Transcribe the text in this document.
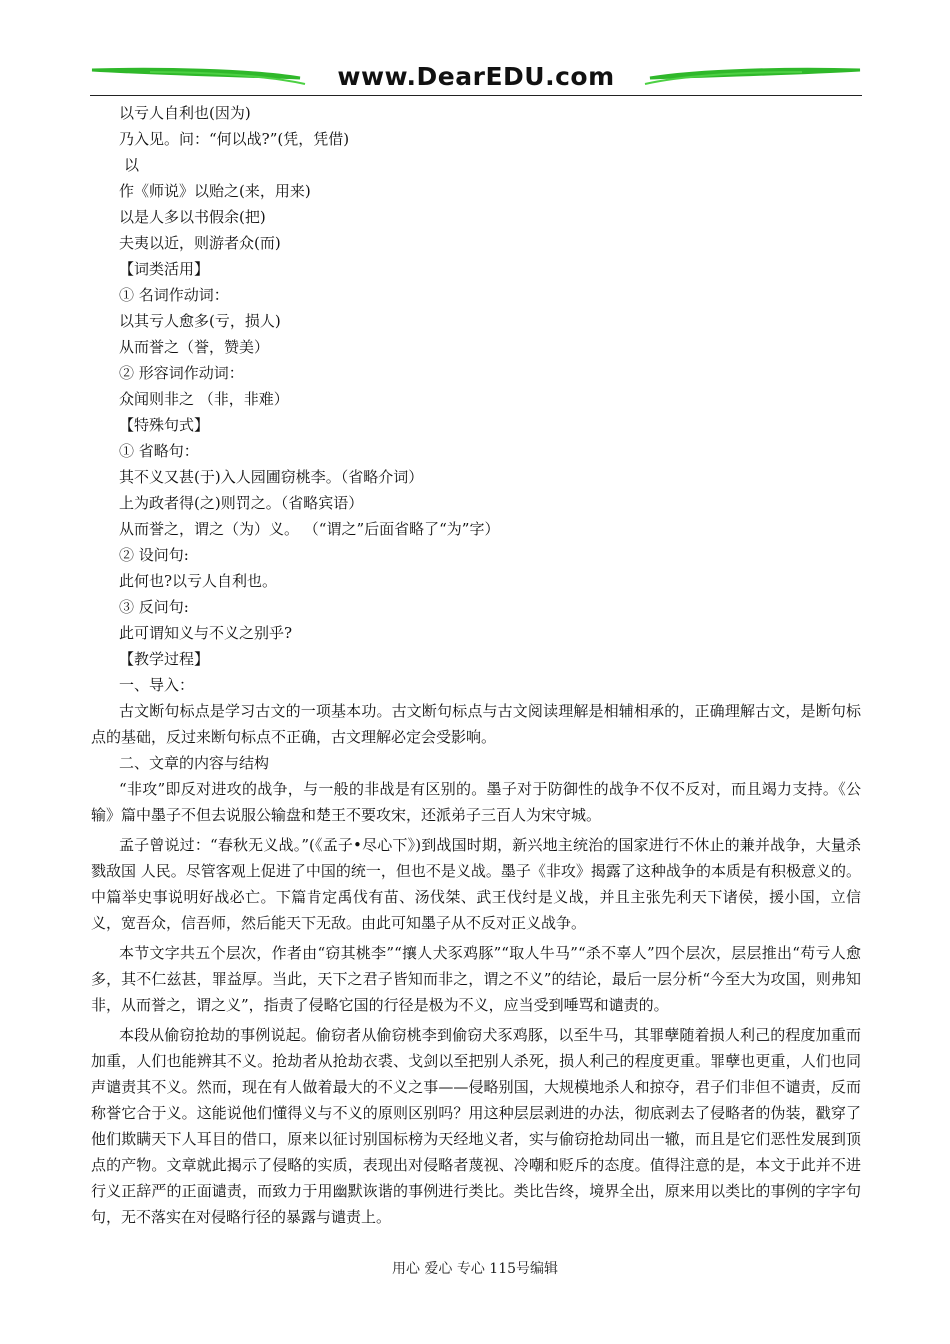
www.DearEDU.com
以亏人自利也(因为)
乃入见。问：“何以战?”(凭，凭借)
以
作《师说》以贻之(来，用来)
以是人多以书假余(把)
夫夷以近，则游者众(而)
【词类活用】
① 名词作动词：
以其亏人愈多(亏，损人)
从而誉之（誉，赞美）
② 形容词作动词：
众闻则非之 （非，非难）
【特殊句式】
① 省略句：
其不义又甚(于)入人园圃窃桃李。（省略介词）
上为政者得(之)则罚之。（省略宾语）
从而誉之，谓之（为）义。 （“谓之”后面省略了“为”字）
② 设问句:
此何也?以亏人自利也。
③ 反问句:
此可谓知义与不义之别乎?
【教学过程】
一、导入：

古文断句标点是学习古文的一项基本功。古文断句标点与古文阅读理解是相辅相承的，正确理解古文，是断句标点的基础，反过来断句标点不正确，古文理解必定会受影响。

二、文章的内容与结构

“非攻”即反对进攻的战争，与一般的非战是有区别的。墨子对于防御性的战争不仅不反对，而且竭力支持。《公输》篇中墨子不但去说服公输盘和楚王不要攻宋，还派弟子三百人为宋守城。

孟子曾说过：“春秋无义战。”(《孟子•尽心下》)到战国时期，新兴地主统治的国家进行不休止的兼并战争，大量杀戮敌国 人民。尽管客观上促进了中国的统一，但也不是义战。墨子《非攻》揭露了这种战争的本质是有积极意义的。中篇举史事说明好战必亡。下篇肯定禹伐有苗、汤伐桀、武王伐纣是义战，并且主张先利天下诸侯，援小国，立信义，宽吾众，信吾师，然后能天下无敌。由此可知墨子从不反对正义战争。

本节文字共五个层次，作者由“窃其桃李”“攘人犬豕鸡豚”“取人牛马”“杀不辜人”四个层次，层层推出“苟亏人愈多，其不仁兹甚，罪益厚。当此，天下之君子皆知而非之，谓之不义”的结论，最后一层分析“今至大为攻国，则弗知非，从而誉之，谓之义”，指责了侵略它国的行径是极为不义，应当受到唾骂和谴责的。

本段从偷窃抢劫的事例说起。偷窃者从偷窃桃李到偷窃犬豕鸡豚，以至牛马，其罪孽随着损人利己的程度加重而加重，人们也能辨其不义。抢劫者从抢劫衣裘、戈剑以至把别人杀死，损人利己的程度更重。罪孽也更重，人们也同声谴责其不义。然而，现在有人做着最大的不义之事——侵略别国，大规模地杀人和掠夺，君子们非但不谴责，反而称誉它合于义。这能说他们懂得义与不义的原则区别吗？用这种层层剥进的办法，彻底剥去了侵略者的伪装，戳穿了他们欺瞒天下人耳目的借口，原来以征讨别国标榜为天经地义者，实与偷窃抢劫同出一辙，而且是它们恶性发展到顶点的产物。文章就此揭示了侵略的实质，表现出对侵略者蔑视、冷嘲和贬斥的态度。值得注意的是，本文于此并不进行义正辞严的正面谴责，而致力于用幽默诙谐的事例进行类比。类比告终，境界全出，原来用以类比的事例的字字句句，无不落实在对侵略行径的暴露与谴责上。

用心 爱心 专心 115号编辑
